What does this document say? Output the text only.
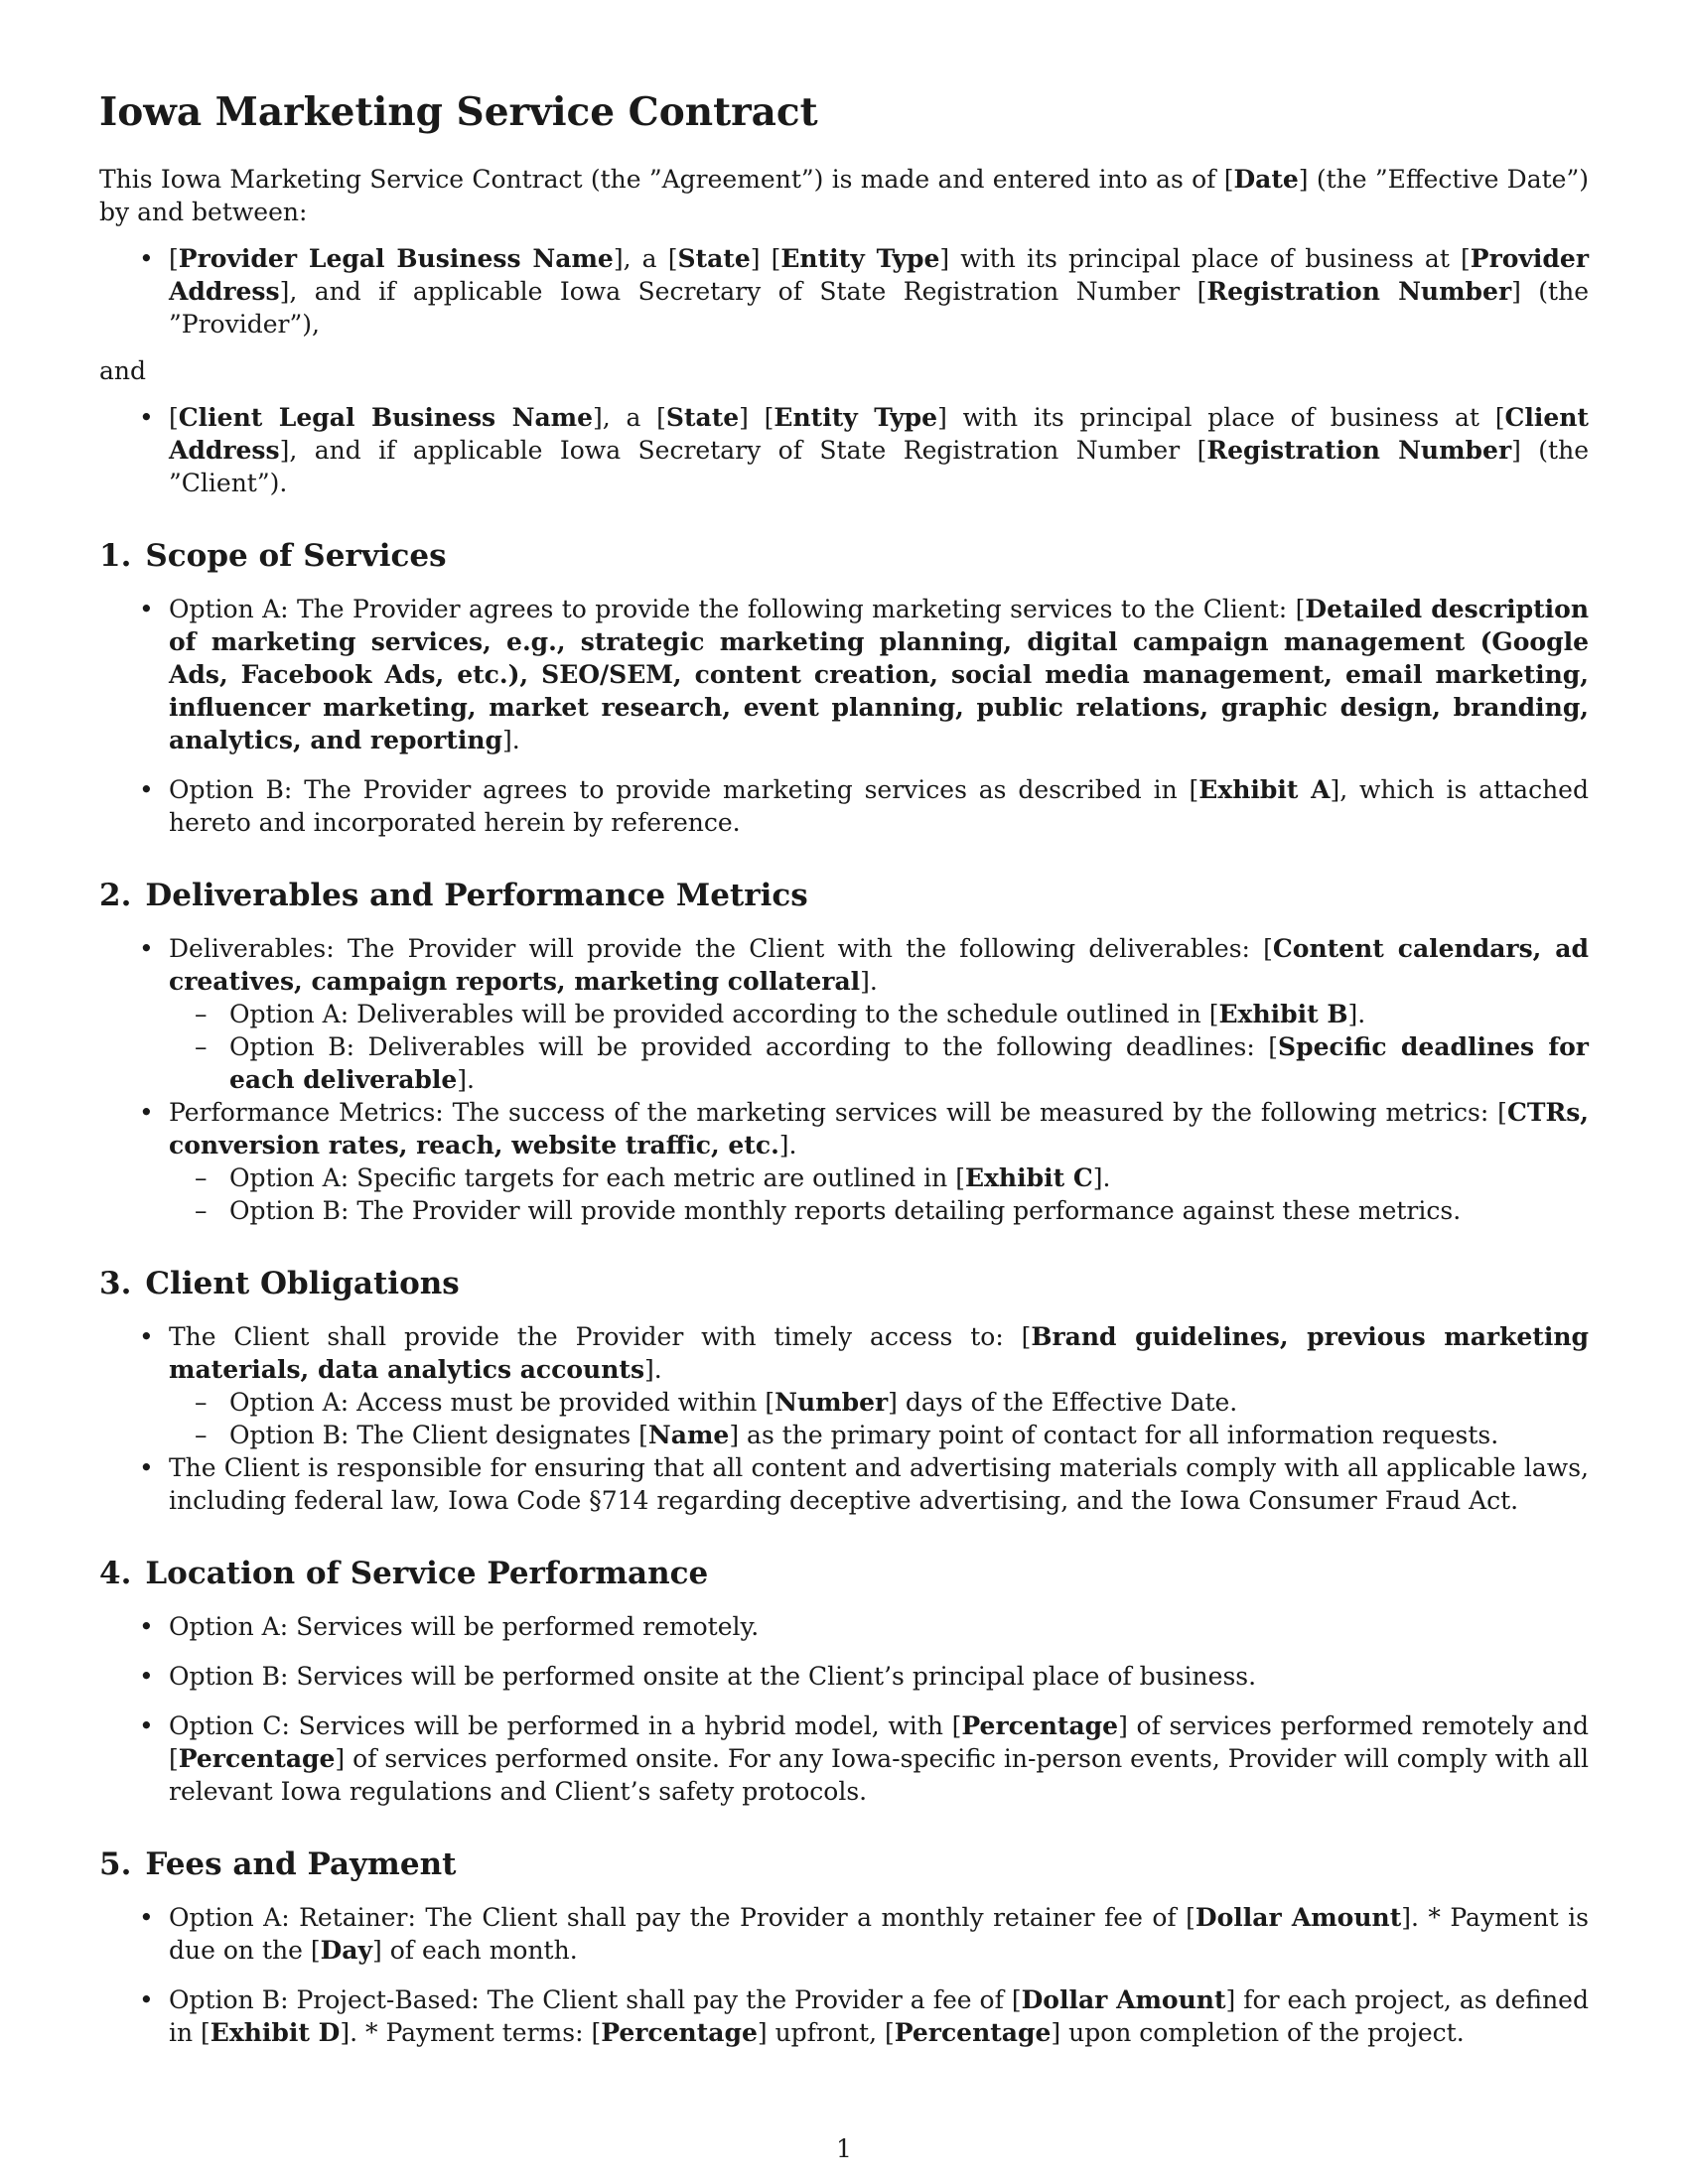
Iowa Marketing Service Contract

This Iowa Marketing Service Contract (the ”Agreement”) is made and entered into as of [Date] (the ”Effective Date”) by and between:

• [Provider Legal Business Name], a [State] [Entity Type] with its principal place of business at [Provider Address], and if applicable Iowa Secretary of State Registration Number [Registration Number] (the ”Provider”),

and

• [Client Legal Business Name], a [State] [Entity Type] with its principal place of business at [Client Address], and if applicable Iowa Secretary of State Registration Number [Registration Number] (the ”Client”).
1. Scope of Services
• Option A: The Provider agrees to provide the following marketing services to the Client: [Detailed description of marketing services, e.g., strategic marketing planning, digital campaign management (Google Ads, Facebook Ads, etc.), SEO/SEM, content creation, social media management, email marketing, influencer marketing, market research, event planning, public relations, graphic design, branding, analytics, and reporting].
• Option B: The Provider agrees to provide marketing services as described in [Exhibit A], which is attached hereto and incorporated herein by reference.
2. Deliverables and Performance Metrics
• Deliverables: The Provider will provide the Client with the following deliverables: [Content calendars, ad creatives, campaign reports, marketing collateral].
– Option A: Deliverables will be provided according to the schedule outlined in [Exhibit B].
– Option B: Deliverables will be provided according to the following deadlines: [Specific deadlines for each deliverable].
• Performance Metrics: The success of the marketing services will be measured by the following metrics: [CTRs, conversion rates, reach, website traffic, etc.].
– Option A: Specific targets for each metric are outlined in [Exhibit C].
– Option B: The Provider will provide monthly reports detailing performance against these metrics.
3. Client Obligations
• The Client shall provide the Provider with timely access to: [Brand guidelines, previous marketing materials, data analytics accounts].
– Option A: Access must be provided within [Number] days of the Effective Date.
– Option B: The Client designates [Name] as the primary point of contact for all information requests.
• The Client is responsible for ensuring that all content and advertising materials comply with all applicable laws, including federal law, Iowa Code §714 regarding deceptive advertising, and the Iowa Consumer Fraud Act.
4. Location of Service Performance
• Option A: Services will be performed remotely.
• Option B: Services will be performed onsite at the Client’s principal place of business.
• Option C: Services will be performed in a hybrid model, with [Percentage] of services performed remotely and [Percentage] of services performed onsite. For any Iowa-specific in-person events, Provider will comply with all relevant Iowa regulations and Client’s safety protocols.
5. Fees and Payment
• Option A: Retainer: The Client shall pay the Provider a monthly retainer fee of [Dollar Amount]. * Payment is due on the [Day] of each month.
• Option B: Project-Based: The Client shall pay the Provider a fee of [Dollar Amount] for each project, as defined in [Exhibit D]. * Payment terms: [Percentage] upfront, [Percentage] upon completion of the project.
1
